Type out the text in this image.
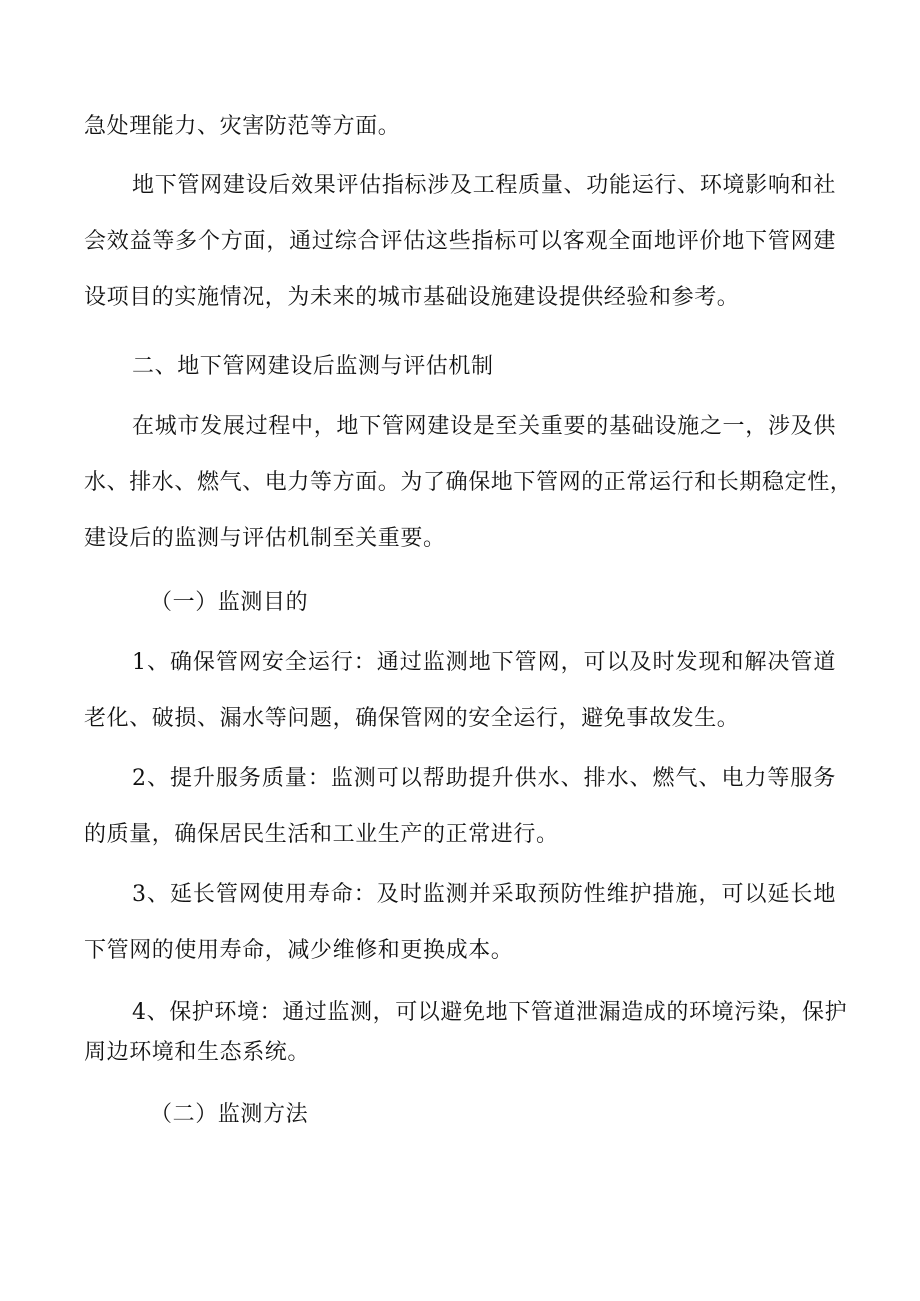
急处理能力、灾害防范等方面。
地下管网建设后效果评估指标涉及工程质量、功能运行、环境影响和社
会效益等多个方面，通过综合评估这些指标可以客观全面地评价地下管网建
设项目的实施情况，为未来的城市基础设施建设提供经验和参考。
二、地下管网建设后监测与评估机制
在城市发展过程中，地下管网建设是至关重要的基础设施之一，涉及供
水、排水、燃气、电力等方面。为了确保地下管网的正常运行和长期稳定性，
建设后的监测与评估机制至关重要。
（一）监测目的
1、确保管网安全运行：通过监测地下管网，可以及时发现和解决管道
老化、破损、漏水等问题，确保管网的安全运行，避免事故发生。
2、提升服务质量：监测可以帮助提升供水、排水、燃气、电力等服务
的质量，确保居民生活和工业生产的正常进行。
3、延长管网使用寿命：及时监测并采取预防性维护措施，可以延长地
下管网的使用寿命，减少维修和更换成本。
4、保护环境：通过监测，可以避免地下管道泄漏造成的环境污染，保护
周边环境和生态系统。
（二）监测方法
